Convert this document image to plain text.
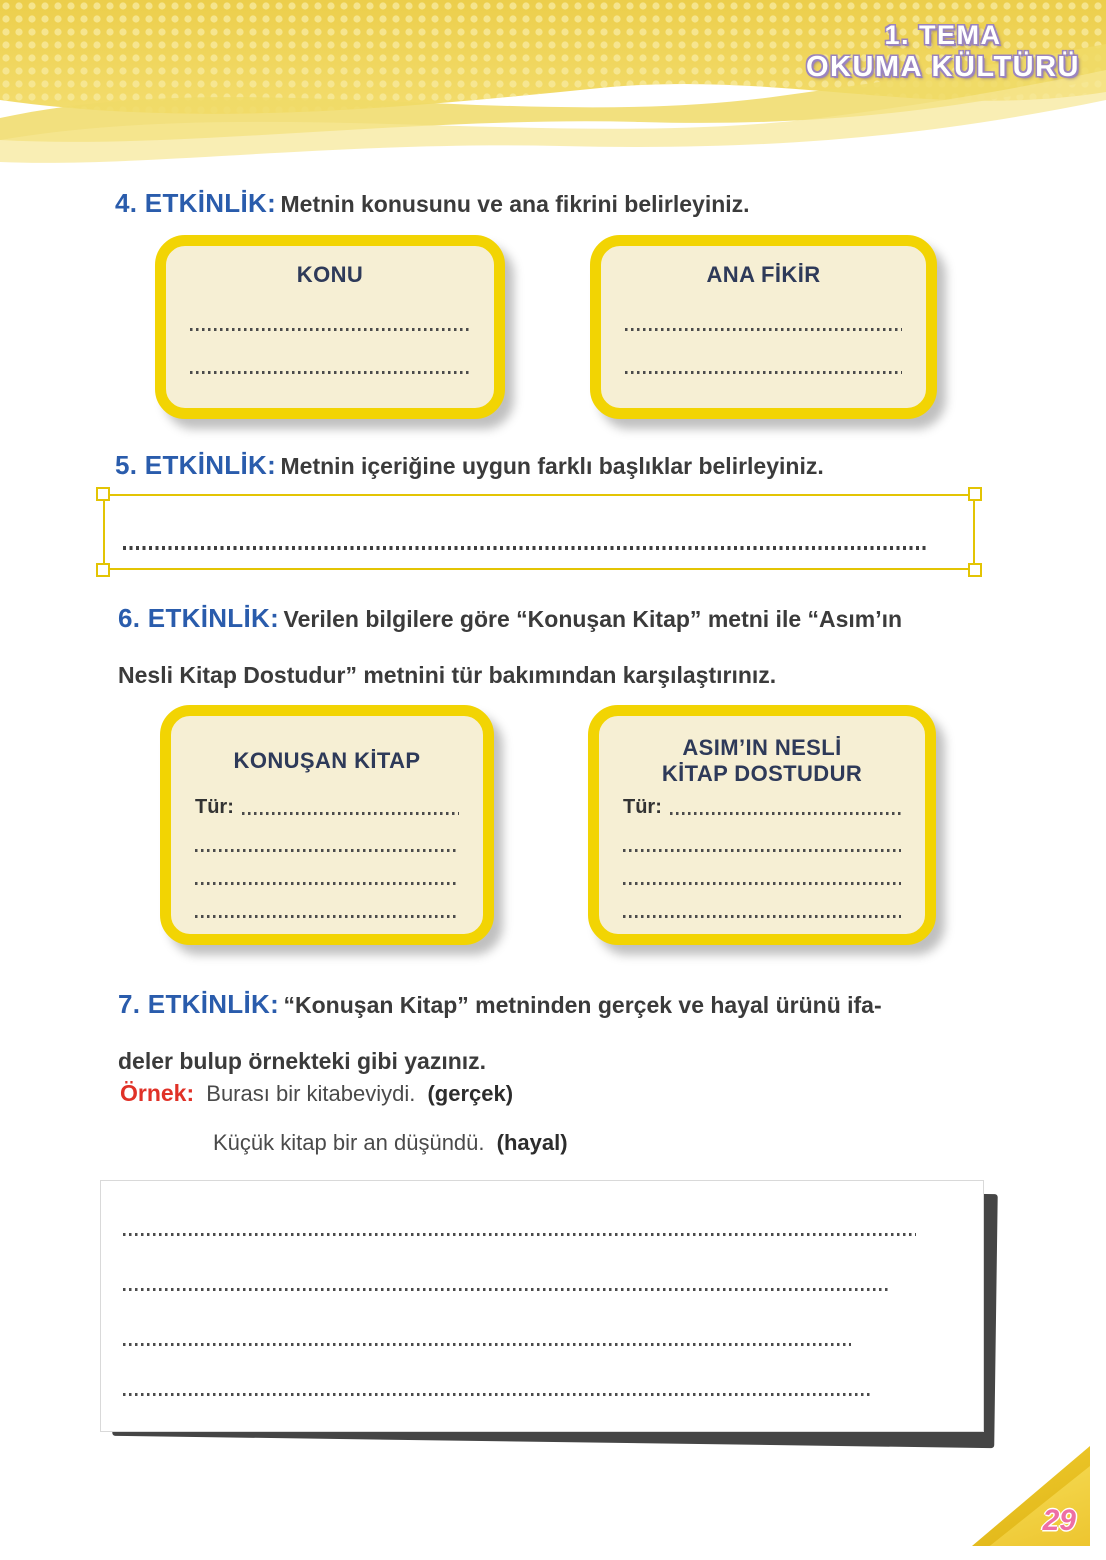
1. TEMA
OKUMA KÜLTÜRÜ

4. ETKİNLİK: Metnin konusunu ve ana fikrini belirleyiniz.

KONU	ANA FİKİR

5. ETKİNLİK: Metnin içeriğine uygun farklı başlıklar belirleyiniz.

6. ETKİNLİK: Verilen bilgilere göre “Konuşan Kitap” metni ile “Asım’ın
Nesli Kitap Dostudur” metnini tür bakımından karşılaştırınız.
KONUŞAN KİTAP
Tür:
ASIM’IN NESLİ
KİTAP DOSTUDUR
Tür:
7. ETKİNLİK: “Konuşan Kitap” metninden gerçek ve hayal ürünü ifa-
deler bulup örnekteki gibi yazınız.

Örnek: Burası bir kitabeviydi. (gerçek)

Küçük kitap bir an düşündü. (hayal)

29
